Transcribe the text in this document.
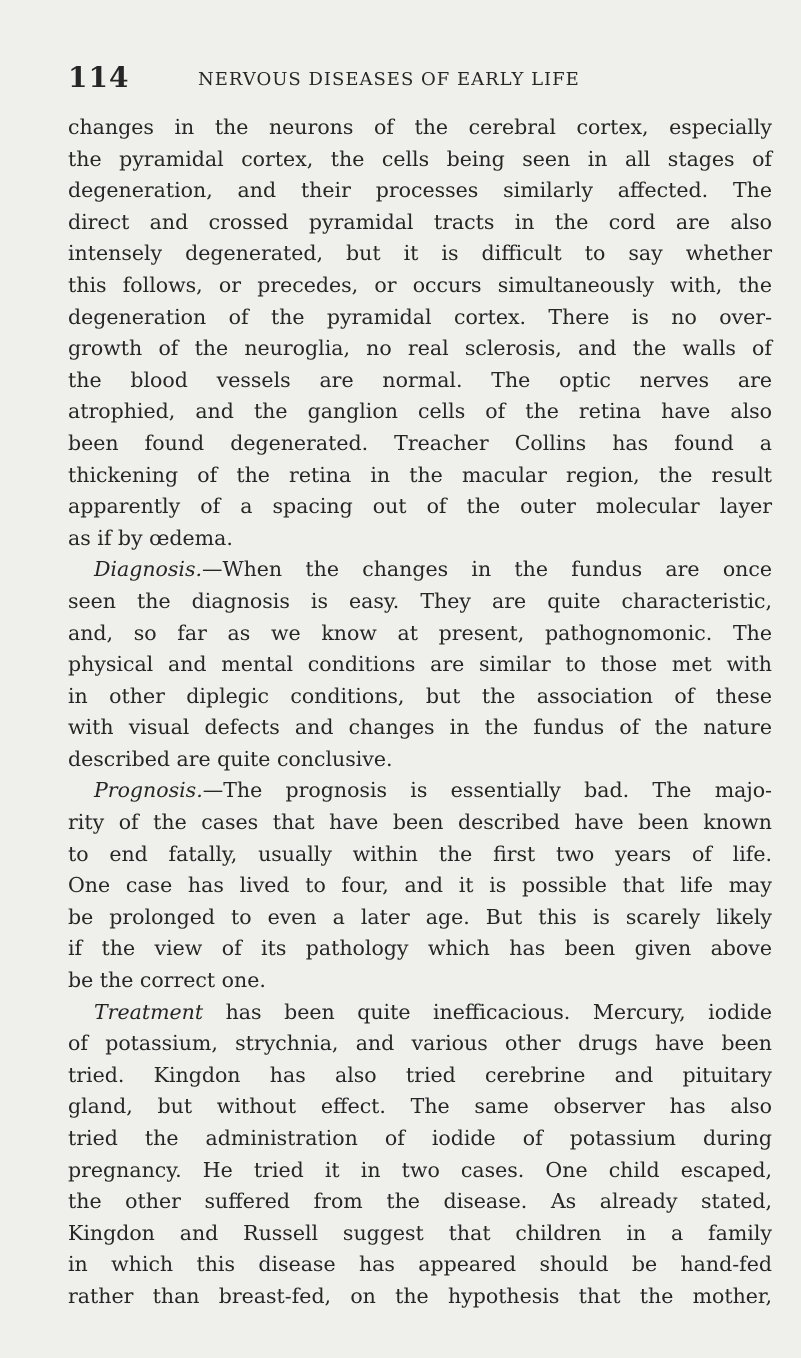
114	NERVOUS DISEASES OF EARLY LIFE
changes in the neurons of the cerebral cortex, especially
the pyramidal cortex, the cells being seen in all stages of
degeneration, and their processes similarly affected. The
direct and crossed pyramidal tracts in the cord are also
intensely degenerated, but it is difficult to say whether
this follows, or precedes, or occurs simultaneously with, the
degeneration of the pyramidal cortex. There is no over-
growth of the neuroglia, no real sclerosis, and the walls of
the blood vessels are normal. The optic nerves are
atrophied, and the ganglion cells of the retina have also
been found degenerated. Treacher Collins has found a
thickening of the retina in the macular region, the result
apparently of a spacing out of the outer molecular layer
as if by œdema.
Diagnosis.—When the changes in the fundus are once
seen the diagnosis is easy. They are quite characteristic,
and, so far as we know at present, pathognomonic. The
physical and mental conditions are similar to those met with
in other diplegic conditions, but the association of these
with visual defects and changes in the fundus of the nature
described are quite conclusive.
Prognosis.—The prognosis is essentially bad. The majo-
rity of the cases that have been described have been known
to end fatally, usually within the first two years of life.
One case has lived to four, and it is possible that life may
be prolonged to even a later age. But this is scarely likely
if the view of its pathology which has been given above
be the correct one.
Treatment has been quite inefficacious. Mercury, iodide
of potassium, strychnia, and various other drugs have been
tried. Kingdon has also tried cerebrine and pituitary
gland, but without effect. The same observer has also
tried the administration of iodide of potassium during
pregnancy. He tried it in two cases. One child escaped,
the other suffered from the disease. As already stated,
Kingdon and Russell suggest that children in a family
in which this disease has appeared should be hand-fed
rather than breast-fed, on the hypothesis that the mother,
